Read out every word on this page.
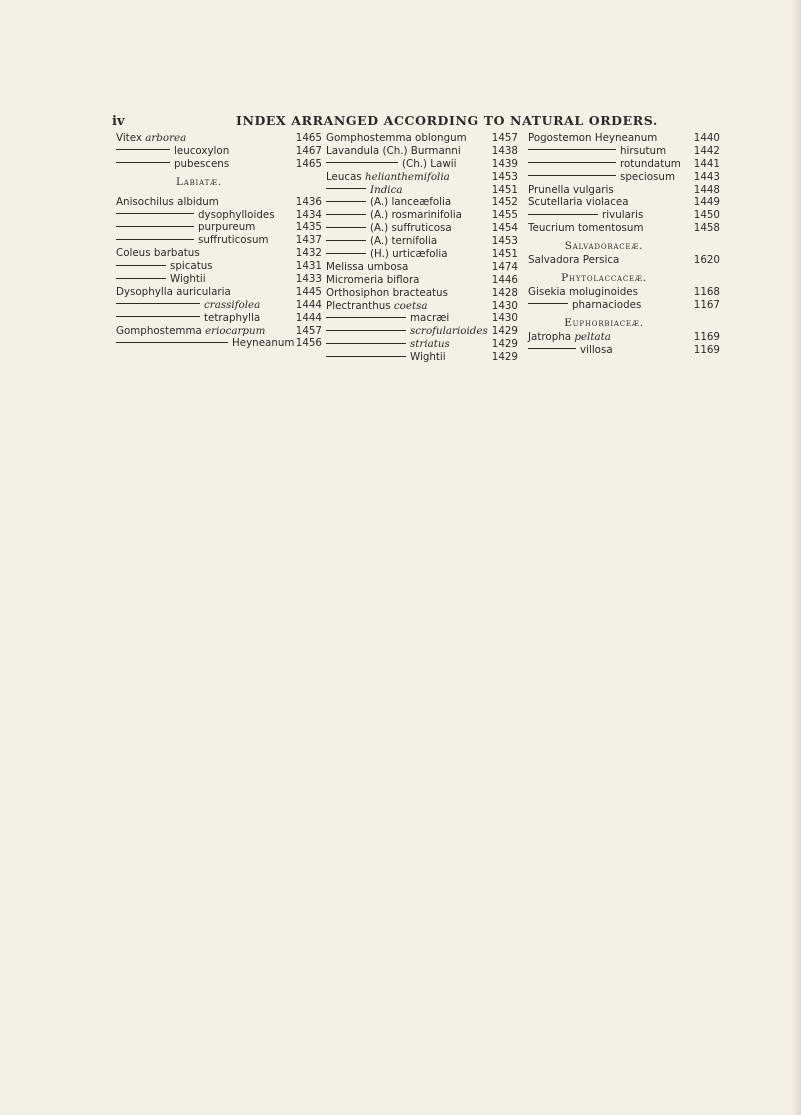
iv	INDEX ARRANGED ACCORDING TO NATURAL ORDERS.
Vitex arborea	1465
leucoxylon	1467
pubescens	1465
Labiatæ.
Anisochilus albidum	1436
dysophylloides 1434
purpureum	1435
suffruticosum	1437
Coleus barbatus	1432
spicatus	1431
Wightii	1433
Dysophylla auricularia	1445
crassifolea	1444
tetraphylla	1444
Gomphostemma eriocarpum	1457
Heyneanum 1456
Gomphostemma oblongum 1457
Lavandula (Ch.) Burmanni	1438
(Ch.) Lawii	1439
Leucas helianthemifolia	1453
Indica	1451
(A.) lanceæfolia	1452
(A.) rosmarinifolia	1455
(A.) suffruticosa	1454
(A.) ternifolia	1453
(H.) urticæfolia	1451
Melissa umbosa	1474
Micromeria biflora	1446
Orthosiphon bracteatus	1428
Plectranthus coetsa	1430
macræi	1430
scrofularioides 1429
striatus	1429
Wightii	1429
Pogostemon Heyneanum	1440
hirsutum	1442
rotundatum 1441
speciosum 1443
Prunella vulgaris	1448
Scutellaria violacea	1449
rivularis	1450
Teucrium tomentosum	1458
Salvadoraceæ.
Salvadora Persica	1620
Phytolaccaceæ.
Gisekia moluginoides	1168
pharnaciodes	1167
Euphorbiaceæ.
Jatropha peltata	1169
villosa	1169
